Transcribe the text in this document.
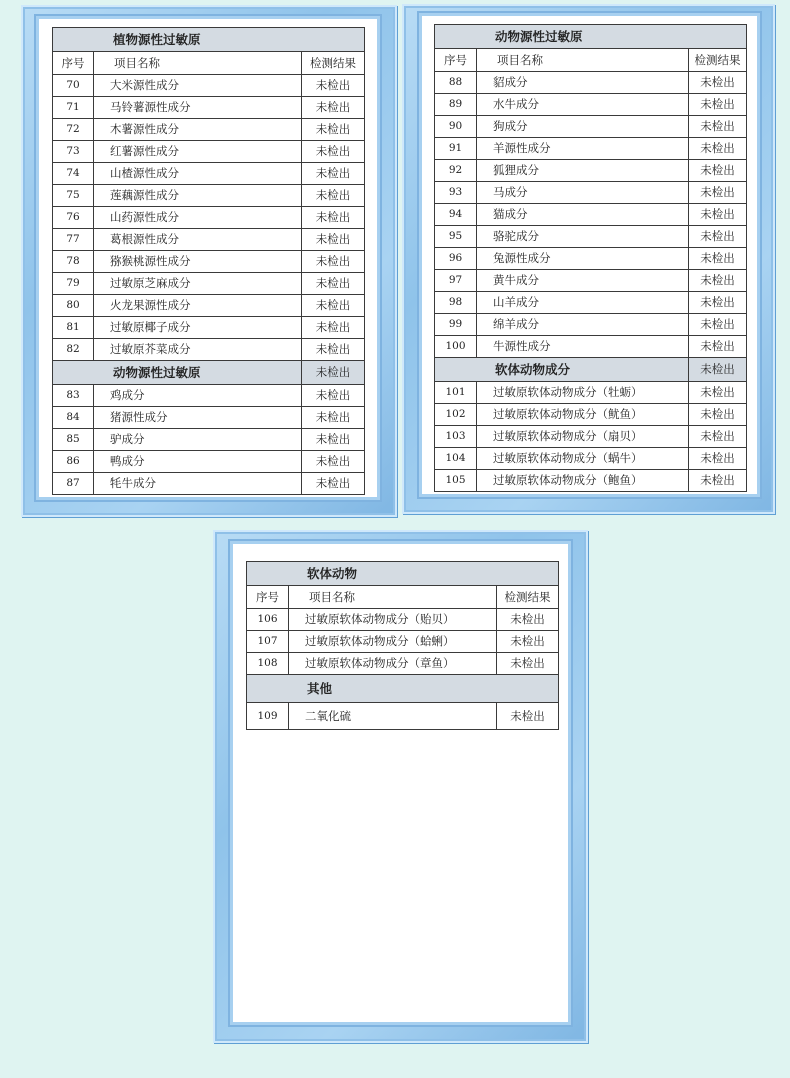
植物源性过敏原		
序号	项目名称	检测结果
70	大米源性成分	未检出
71	马铃薯源性成分	未检出
72	木薯源性成分	未检出
73	红薯源性成分	未检出
74	山楂源性成分	未检出
75	莲藕源性成分	未检出
76	山药源性成分	未检出
77	葛根源性成分	未检出
78	猕猴桃源性成分	未检出
79	过敏原芝麻成分	未检出
80	火龙果源性成分	未检出
81	过敏原椰子成分	未检出
82	过敏原芥菜成分	未检出
动物源性过敏原		未检出
83	鸡成分	未检出
84	猪源性成分	未检出
85	驴成分	未检出
86	鸭成分	未检出
87	牦牛成分	未检出
动物源性过敏原		
序号	项目名称	检测结果
88	貂成分	未检出
89	水牛成分	未检出
90	狗成分	未检出
91	羊源性成分	未检出
92	狐狸成分	未检出
93	马成分	未检出
94	猫成分	未检出
95	骆驼成分	未检出
96	兔源性成分	未检出
97	黄牛成分	未检出
98	山羊成分	未检出
99	绵羊成分	未检出
100	牛源性成分	未检出
软体动物成分		未检出
101	过敏原软体动物成分（牡蛎）	未检出
102	过敏原软体动物成分（鱿鱼）	未检出
103	过敏原软体动物成分（扇贝）	未检出
104	过敏原软体动物成分（蜗牛）	未检出
105	过敏原软体动物成分（鲍鱼）	未检出
软体动物		
序号	项目名称	检测结果
106	过敏原软体动物成分（贻贝）	未检出
107	过敏原软体动物成分（蛤蜊）	未检出
108	过敏原软体动物成分（章鱼）	未检出
其他		
109	二氧化硫	未检出
